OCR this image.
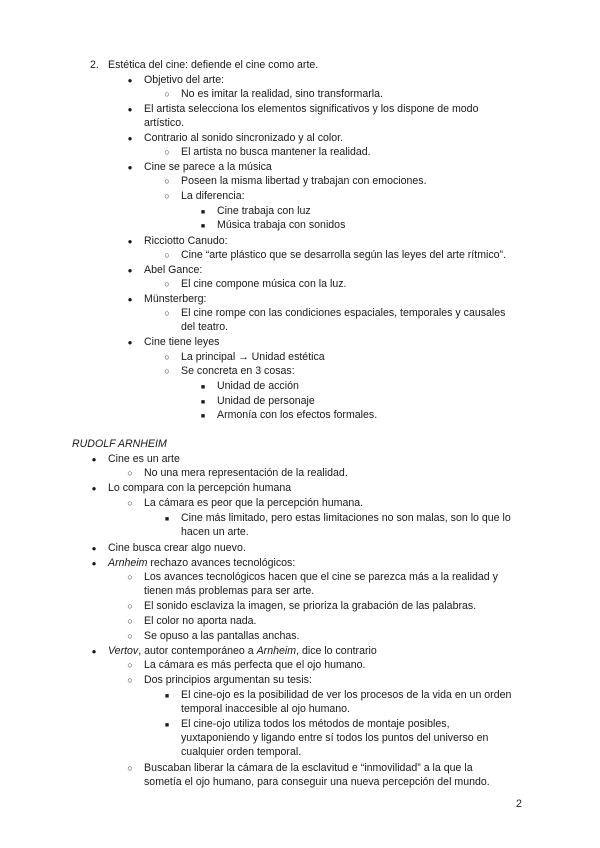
2. Estética del cine: defiende el cine como arte.
●
Objetivo del arte:
○
No es imitar la realidad, sino transformarla.
●
El artista selecciona los elementos significativos y los dispone de modo
artístico.
●
Contrario al sonido sincronizado y al color.
○
El artista no busca mantener la realidad.
●
Cine se parece a la música
○
Poseen la misma libertad y trabajan con emociones.
○
La diferencia:
■
Cine trabaja con luz
■
Música trabaja con sonidos
●
Ricciotto Canudo:
○
Cine “arte plástico que se desarrolla según las leyes del arte rítmico”.
●
Abel Gance:
○
El cine compone música con la luz.
●
Münsterberg:
○
El cine rompe con las condiciones espaciales, temporales y causales
del teatro.
●
Cine tiene leyes
○
La principal → Unidad estética
○
Se concreta en 3 cosas:
■
Unidad de acción
■
Unidad de personaje
■
Armonía con los efectos formales.
RUDOLF ARNHEIM
●
Cine es un arte
○
No una mera representación de la realidad.
●
Lo compara con la percepción humana
○
La cámara es peor que la percepción humana.
■
Cine más limitado, pero estas limitaciones no son malas, son lo que lo
hacen un arte.
●
Cine busca crear algo nuevo.
●
Arnheim rechazo avances tecnológicos:
○
Los avances tecnológicos hacen que el cine se parezca más a la realidad y
tienen más problemas para ser arte.
○
El sonido esclaviza la imagen, se prioriza la grabación de las palabras.
○
El color no aporta nada.
○
Se opuso a las pantallas anchas.
●
Vertov, autor contemporáneo a Arnheim, dice lo contrario
○
La cámara es más perfecta que el ojo humano.
○
Dos principios argumentan su tesis:
■
El cine-ojo es la posibilidad de ver los procesos de la vida en un orden
temporal inaccesible al ojo humano.
■
El cine-ojo utiliza todos los métodos de montaje posibles,
yuxtaponiendo y ligando entre sí todos los puntos del universo en
cualquier orden temporal.
○
Buscaban liberar la cámara de la esclavitud e “inmovilidad” a la que la
sometía el ojo humano, para conseguir una nueva percepción del mundo.
2
